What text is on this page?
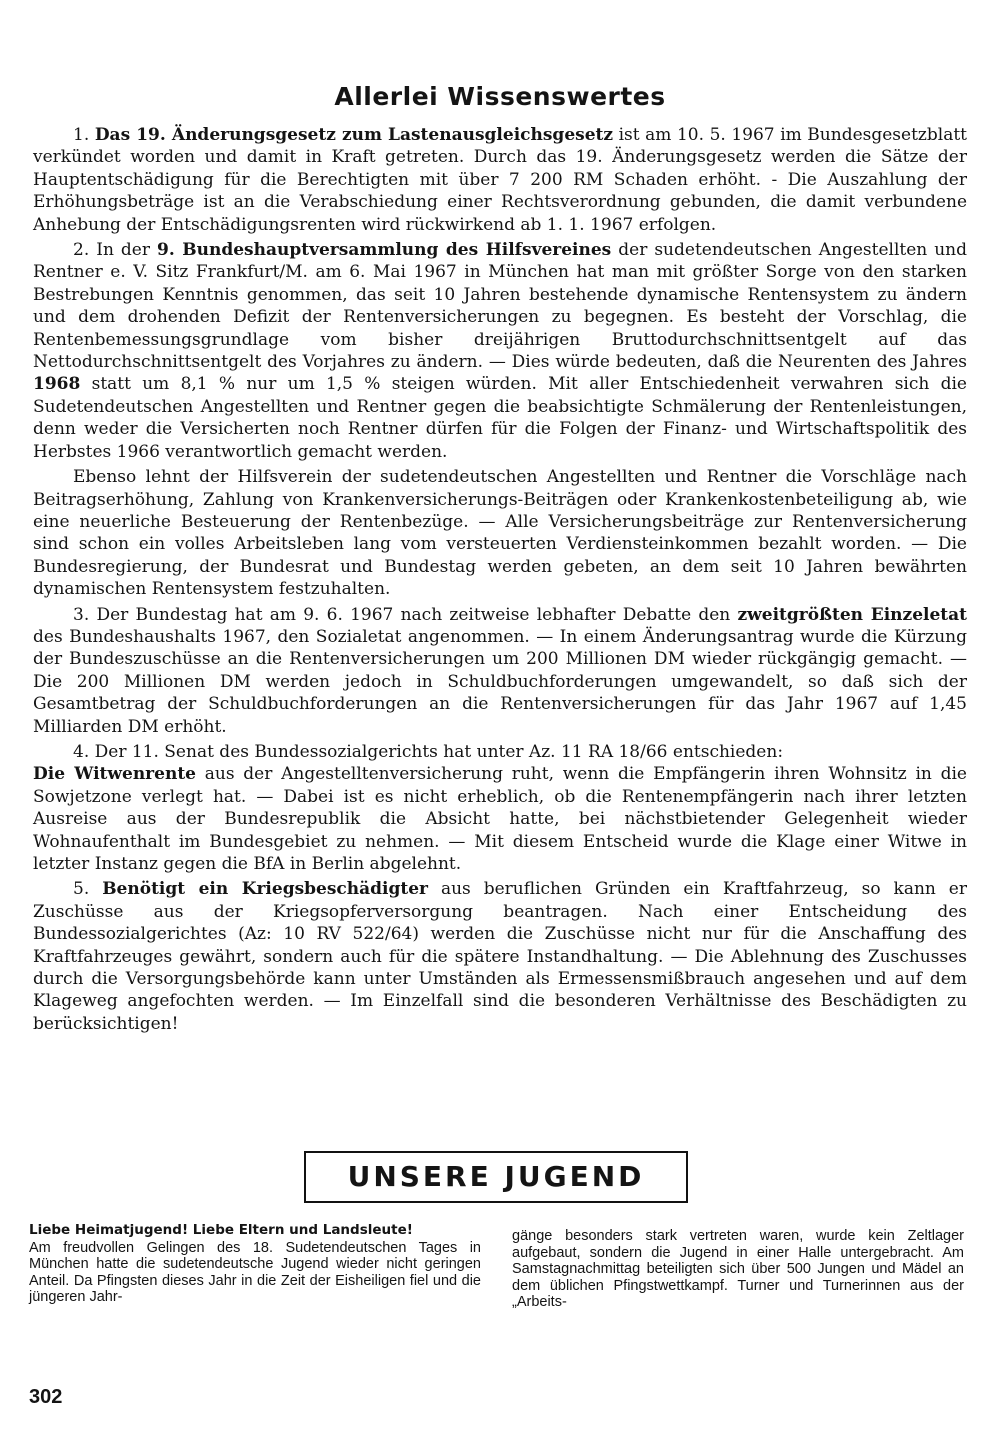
Allerlei Wissenswertes

1. Das 19. Änderungsgesetz zum Lastenausgleichsgesetz ist am 10. 5. 1967 im Bundesgesetzblatt verkündet worden und damit in Kraft getreten. Durch das 19. Änderungsgesetz werden die Sätze der Hauptentschädigung für die Berechtigten mit über 7 200 RM Schaden erhöht. - Die Auszahlung der Erhöhungsbeträge ist an die Verabschiedung einer Rechtsverordnung gebunden, die damit verbundene Anhebung der Entschädigungsrenten wird rückwirkend ab 1. 1. 1967 erfolgen.

2. In der 9. Bundeshauptversammlung des Hilfsvereines der sudetendeutschen Angestellten und Rentner e. V. Sitz Frankfurt/M. am 6. Mai 1967 in München hat man mit größter Sorge von den starken Bestrebungen Kenntnis genommen, das seit 10 Jahren bestehende dynamische Rentensystem zu ändern und dem drohenden Defizit der Rentenversicherungen zu begegnen. Es besteht der Vorschlag, die Rentenbemessungsgrundlage vom bisher dreijährigen Bruttodurchschnittsentgelt auf das Nettodurchschnittsentgelt des Vorjahres zu ändern. — Dies würde bedeuten, daß die Neurenten des Jahres 1968 statt um 8,1 % nur um 1,5 % steigen würden. Mit aller Entschiedenheit verwahren sich die Sudetendeutschen Angestellten und Rentner gegen die beabsichtigte Schmälerung der Rentenleistungen, denn weder die Versicherten noch Rentner dürfen für die Folgen der Finanz- und Wirtschaftspolitik des Herbstes 1966 verantwortlich gemacht werden.

Ebenso lehnt der Hilfsverein der sudetendeutschen Angestellten und Rentner die Vorschläge nach Beitragserhöhung, Zahlung von Krankenversicherungs-Beiträgen oder Krankenkostenbeteiligung ab, wie eine neuerliche Besteuerung der Rentenbezüge. — Alle Versicherungsbeiträge zur Rentenversicherung sind schon ein volles Arbeitsleben lang vom versteuerten Verdiensteinkommen bezahlt worden. — Die Bundesregierung, der Bundesrat und Bundestag werden gebeten, an dem seit 10 Jahren bewährten dynamischen Rentensystem festzuhalten.

3. Der Bundestag hat am 9. 6. 1967 nach zeitweise lebhafter Debatte den zweitgrößten Einzeletat des Bundeshaushalts 1967, den Sozialetat angenommen. — In einem Änderungsantrag wurde die Kürzung der Bundeszuschüsse an die Rentenversicherungen um 200 Millionen DM wieder rückgängig gemacht. — Die 200 Millionen DM werden jedoch in Schuldbuchforderungen umgewandelt, so daß sich der Gesamtbetrag der Schuldbuchforderungen an die Rentenversicherungen für das Jahr 1967 auf 1,45 Milliarden DM erhöht.

4. Der 11. Senat des Bundessozialgerichts hat unter Az. 11 RA 18/66 entschieden:
Die Witwenrente aus der Angestelltenversicherung ruht, wenn die Empfängerin ihren Wohnsitz in die Sowjetzone verlegt hat. — Dabei ist es nicht erheblich, ob die Rentenempfängerin nach ihrer letzten Ausreise aus der Bundesrepublik die Absicht hatte, bei nächstbietender Gelegenheit wieder Wohnaufenthalt im Bundesgebiet zu nehmen. — Mit diesem Entscheid wurde die Klage einer Witwe in letzter Instanz gegen die BfA in Berlin abgelehnt.

5. Benötigt ein Kriegsbeschädigter aus beruflichen Gründen ein Kraftfahrzeug, so kann er Zuschüsse aus der Kriegsopferversorgung beantragen. Nach einer Entscheidung des Bundessozialgerichtes (Az: 10 RV 522/64) werden die Zuschüsse nicht nur für die Anschaffung des Kraftfahrzeuges gewährt, sondern auch für die spätere Instandhaltung. — Die Ablehnung des Zuschusses durch die Versorgungsbehörde kann unter Umständen als Ermessensmißbrauch angesehen und auf dem Klageweg angefochten werden. — Im Einzelfall sind die besonderen Verhältnisse des Beschädigten zu berücksichtigen!

UNSERE JUGEND
Liebe Heimatjugend! Liebe Eltern und Landsleute!
Am freudvollen Gelingen des 18. Sudetendeutschen Tages in München hatte die sudetendeutsche Jugend wieder nicht geringen Anteil. Da Pfingsten dieses Jahr in die Zeit der Eisheiligen fiel und die jüngeren Jahr-
gänge besonders stark vertreten waren, wurde kein Zeltlager aufgebaut, sondern die Jugend in einer Halle untergebracht. Am Samstagnachmittag beteiligten sich über 500 Jungen und Mädel an dem üblichen Pfingstwettkampf. Turner und Turnerinnen aus der „Arbeits-
302
